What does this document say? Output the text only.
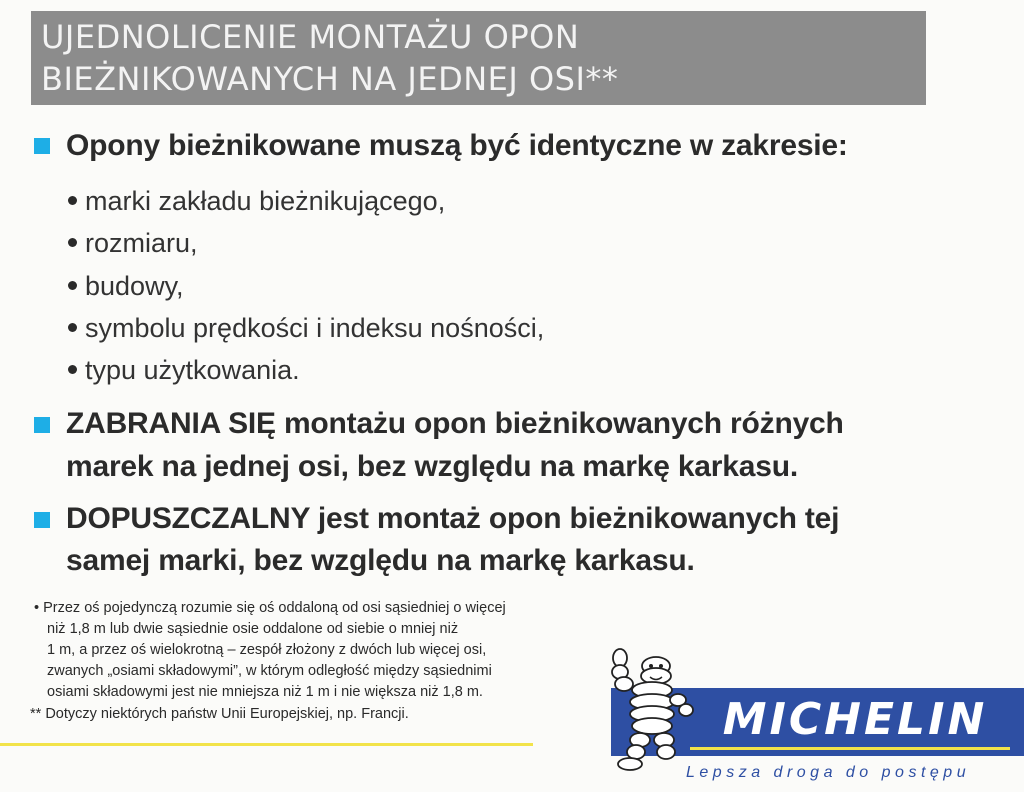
UJEDNOLICENIE MONTAŻU OPON
BIEŻNIKOWANYCH NA JEDNEJ OSI**
Opony bieżnikowane muszą być identyczne w zakresie:
marki zakładu bieżnikującego,
rozmiaru,
budowy,
symbolu prędkości i indeksu nośności,
typu użytkowania.
ZABRANIA SIĘ montażu opon bieżnikowanych różnych
marek na jednej osi, bez względu na markę karkasu.
DOPUSZCZALNY jest montaż opon bieżnikowanych tej
samej marki, bez względu na markę karkasu.
• Przez oś pojedynczą rozumie się oś oddaloną od osi sąsiedniej o więcej
niż 1,8 m lub dwie sąsiednie osie oddalone od siebie o mniej niż
1 m, a przez oś wielokrotną – zespół złożony z dwóch lub więcej osi,
zwanych „osiami składowymi”, w którym odległość między sąsiednimi
osiami składowymi jest nie mniejsza niż 1 m i nie większa niż 1,8 m.
** Dotyczy niektórych państw Unii Europejskiej, np. Francji.	MICHELIN
Lepsza droga do postępu
